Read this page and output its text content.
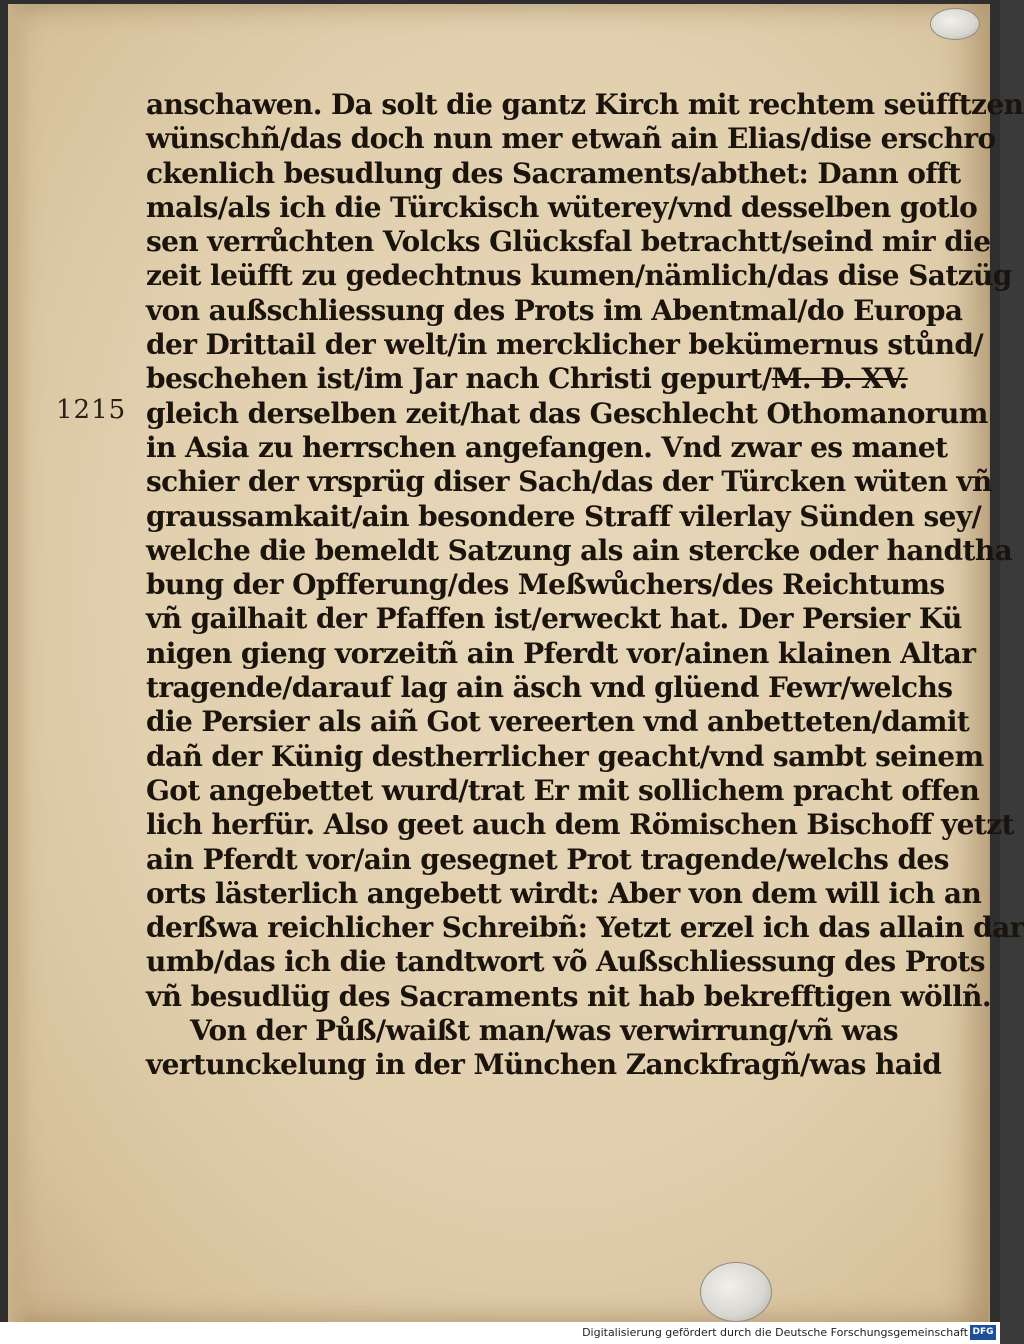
1215
anschawen. Da solt die gantz Kirch mit rechtem seüfftzen
wünschñ/das doch nun mer etwañ ain Elias/dise erschro
ckenlich besudlung des Sacraments/abthet: Dann offt
mals/als ich die Türckisch wüterey/vnd desselben gotlo
sen verrůchten Volcks Glücksfal betrachtt/seind mir die
zeit leüfft zu gedechtnus kumen/nämlich/das dise Satzüg
von außschliessung des Prots im Abentmal/do Europa
der Drittail der welt/in mercklicher bekümernus stůnd/
beschehen ist/im Jar nach Christi gepurt/M. D. XV.
gleich derselben zeit/hat das Geschlecht Othomanorum
in Asia zu herrschen angefangen. Vnd zwar es manet
schier der vrsprüg diser Sach/das der Türcken wüten vñ
graussamkait/ain besondere Straff vilerlay Sünden sey/
welche die bemeldt Satzung als ain stercke oder handtha
bung der Opfferung/des Meßwůchers/des Reichtums
vñ gailhait der Pfaffen ist/erweckt hat. Der Persier Kü
nigen gieng vorzeitñ ain Pferdt vor/ainen klainen Altar
tragende/darauf lag ain äsch vnd glüend Fewr/welchs
die Persier als aiñ Got vereerten vnd anbetteten/damit
dañ der Künig destherrlicher geacht/vnd sambt seinem
Got angebettet wurd/trat Er mit sollichem pracht offen
lich herfür. Also geet auch dem Römischen Bischoff yetzt
ain Pferdt vor/ain gesegnet Prot tragende/welchs des
orts lästerlich angebett wirdt: Aber von dem will ich an
derßwa reichlicher Schreibñ: Yetzt erzel ich das allain dar
umb/das ich die tandtwort võ Außschliessung des Prots
vñ besudlüg des Sacraments nit hab bekrefftigen wöllñ.
Von der Půß/waißt man/was verwirrung/vñ was
vertunckelung in der München Zanckfragñ/was haid
Digitalisierung gefördert durch die Deutsche Forschungsgemeinschaft DFG
